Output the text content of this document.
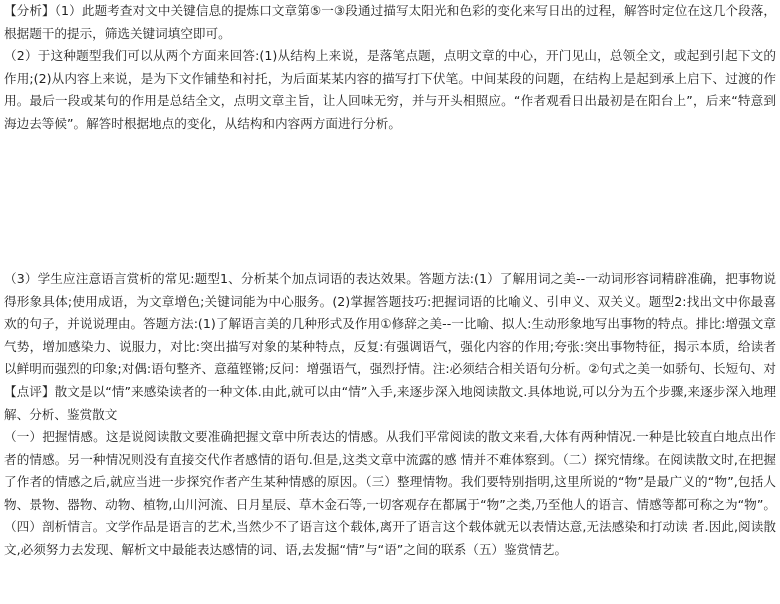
【分析】（1）此题考查对文中关键信息的提炼口文章第⑤一③段通过描写太阳光和色彩的变化来写日出的过程，解答时定位在这几个段落，根据题干的提示，筛选关键词填空即可。

（2）于这种题型我们可以从两个方面来回答:(1)从结构上来说，是落笔点题，点明文章的中心，开门见山，总领全文，或起到引起下文的作用;(2)从内容上来说，是为下文作铺垫和衬托，为后面某某内容的描写打下伏笔。中间某段的问题，在结构上是起到承上启下、过渡的作用。最后一段或某句的作用是总结全文，点明文章主旨，让人回味无穷，并与开头相照应。“作者观看日出最初是在阳台上”，后来“特意到海边去等候”。解答时根据地点的变化，从结构和内容两方面进行分析。

（3）学生应注意语言赏析的常见:题型1、分析某个加点词语的表达效果。答题方法:(1）了解用词之美--一动词形容词精辟准确，把事物说得形象具体;使用成语，为文章增色;关键词能为中心服务。(2)掌握答题技巧:把握词语的比喻义、引申义、双关义。题型2:找出文中你最喜欢的句子，并说说理由。答题方法:(1)了解语言美的几种形式及作用①修辞之美--一比喻、拟人:生动形象地写出事物的特点。排比:增强文章气势，增加感染力、说服力，对比:突出描写对象的某种特点，反复:有强调语气，强化内容的作用;夸张:突出事物特征，揭示本质，给读者以鲜明而强烈的印象;对偶:语句整齐、意蕴铿锵;反问：增强语气，强烈抒情。注:必须结合相关语句分析。②句式之美一如骄句、长短句、对

【点评】散文是以“情”来感染读者的一种文体.由此,就可以由“情”入手,来逐步深入地阅读散文.具体地说,可以分为五个步骤,来逐步深入地理解、分析、鉴赏散文

（一）把握情感。这是说阅读散文要准确把握文章中所表达的情感。从我们平常阅读的散文来看,大体有两种情况.一种是比较直白地点出作者的情感。另一种情况则没有直接交代作者感情的语句.但是,这类文章中流露的感 情并不难体察到。（二）探究情缘。在阅读散文时,在把握了作者的情感之后,就应当进一步探究作者产生某种情感的原因。（三）整理情物。我们要特别指明,这里所说的“物”是最广义的“物”,包括人物、景物、器物、动物、植物,山川河流、日月星辰、草木金石等,一切客观存在都属于“物”之类,乃至他人的语言、情感等都可称之为“物”。（四）剖析情言。文学作品是语言的艺术,当然少不了语言这个载体,离开了语言这个载体就无以表情达意,无法感染和打动读 者.因此,阅读散文,必须努力去发现、解析文中最能表达感情的词、语,去发掘“情”与“语”之间的联系（五）鉴赏情艺。
